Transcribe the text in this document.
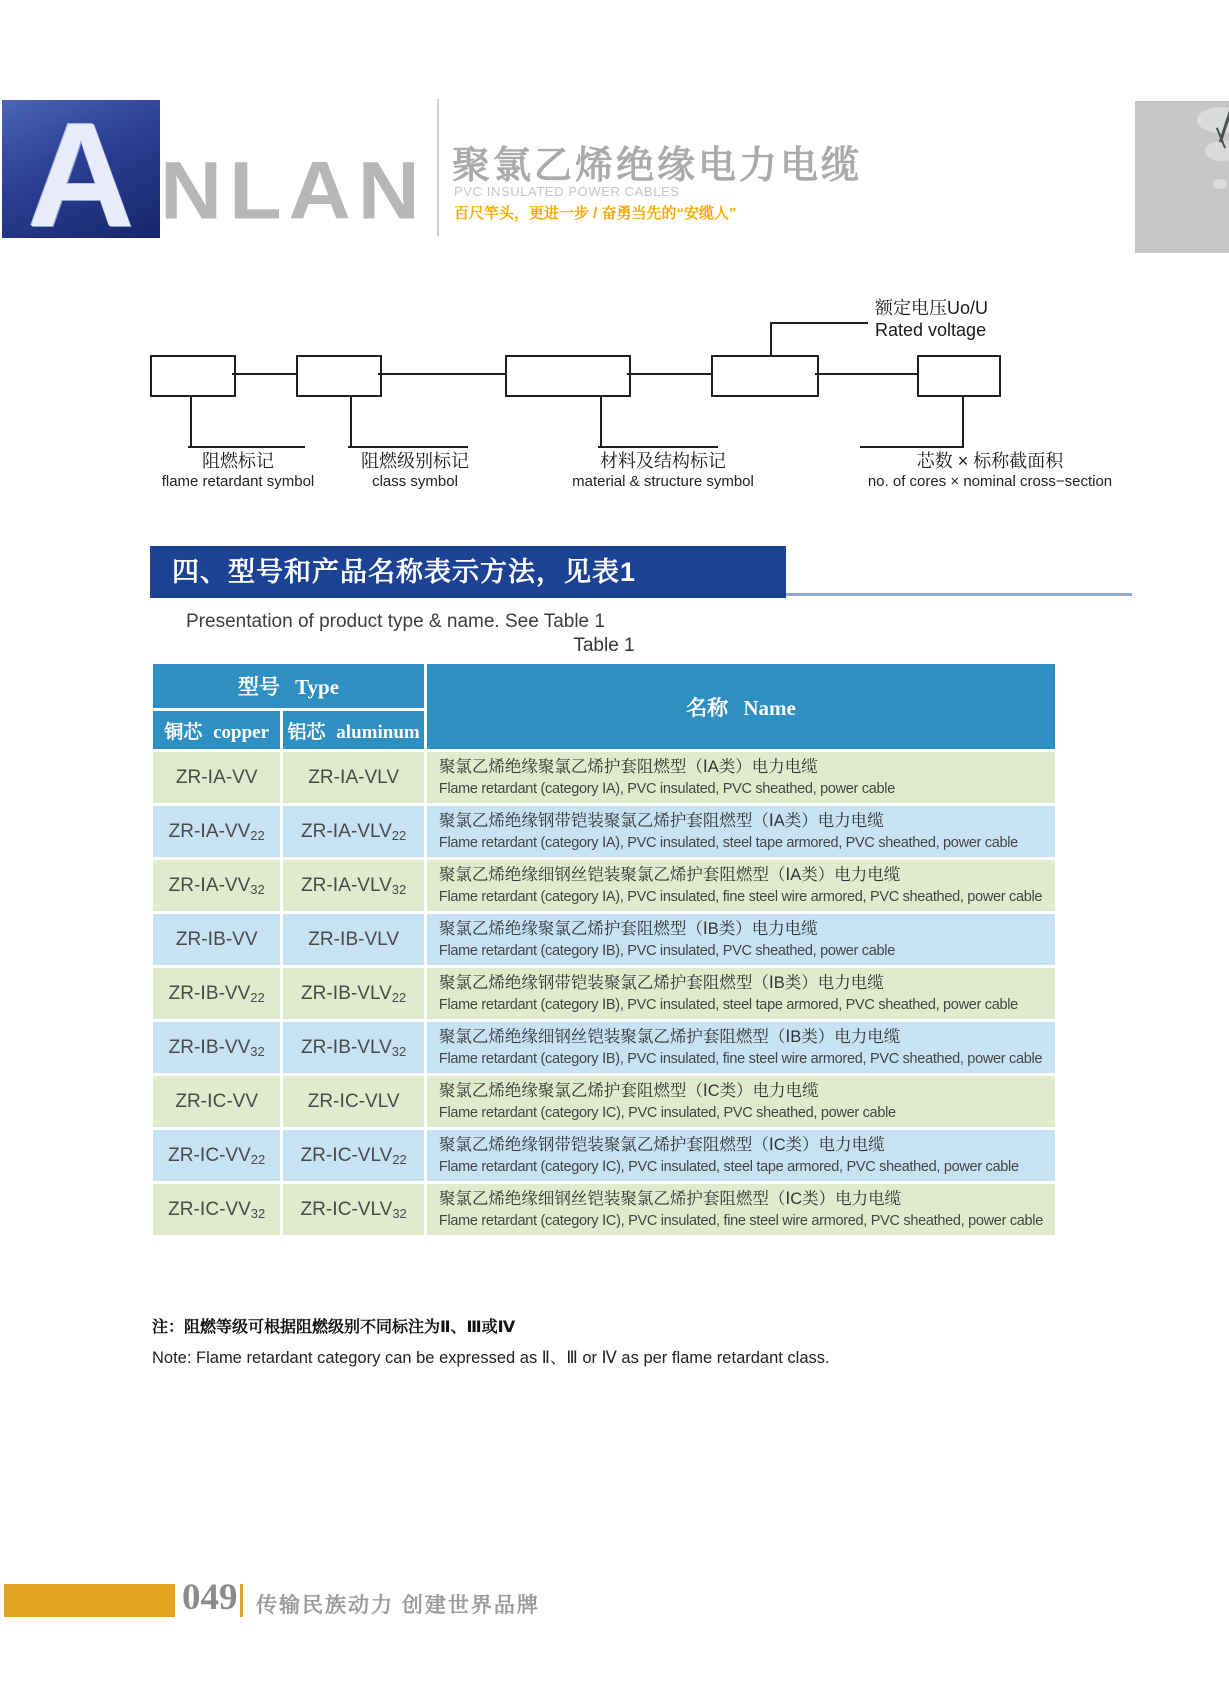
A NLAN 聚氯乙烯绝缘电力电缆
PVC INSULATED POWER CABLES
百尺竿头，更进一步 / 奋勇当先的“安缆人”
额定电压Uo/U
Rated voltage
阻燃标记
flame retardant symbol
阻燃级别标记
class symbol
材料及结构标记
material & structure symbol
芯数 × 标称截面积
no. of cores × nominal cross−section
四、型号和产品名称表示方法，见表1
Presentation of product type & name. See Table 1
Table 1
型号 Type		名称 Name
铜芯 copper	铝芯 aluminum	
ZR-ⅠA-VV	ZR-ⅠA-VLV	聚氯乙烯绝缘聚氯乙烯护套阻燃型（ⅠA类）电力电缆
Flame retardant (category ⅠA), PVC insulated, PVC sheathed, power cable

ZR-ⅠA-VV22	ZR-ⅠA-VLV22	聚氯乙烯绝缘钢带铠装聚氯乙烯护套阻燃型（ⅠA类）电力电缆
Flame retardant (category ⅠA), PVC insulated, steel tape armored, PVC sheathed, power cable

ZR-ⅠA-VV32	ZR-ⅠA-VLV32	聚氯乙烯绝缘细钢丝铠装聚氯乙烯护套阻燃型（ⅠA类）电力电缆
Flame retardant (category ⅠA), PVC insulated, fine steel wire armored, PVC sheathed, power cable

ZR-ⅠB-VV	ZR-ⅠB-VLV	聚氯乙烯绝缘聚氯乙烯护套阻燃型（ⅠB类）电力电缆
Flame retardant (category ⅠB), PVC insulated, PVC sheathed, power cable

ZR-ⅠB-VV22	ZR-ⅠB-VLV22	聚氯乙烯绝缘钢带铠装聚氯乙烯护套阻燃型（ⅠB类）电力电缆
Flame retardant (category ⅠB), PVC insulated, steel tape armored, PVC sheathed, power cable

ZR-ⅠB-VV32	ZR-ⅠB-VLV32	聚氯乙烯绝缘细钢丝铠装聚氯乙烯护套阻燃型（ⅠB类）电力电缆
Flame retardant (category ⅠB), PVC insulated, fine steel wire armored, PVC sheathed, power cable

ZR-ⅠC-VV	ZR-ⅠC-VLV	聚氯乙烯绝缘聚氯乙烯护套阻燃型（ⅠC类）电力电缆
Flame retardant (category ⅠC), PVC insulated, PVC sheathed, power cable

ZR-ⅠC-VV22	ZR-ⅠC-VLV22	聚氯乙烯绝缘钢带铠装聚氯乙烯护套阻燃型（ⅠC类）电力电缆
Flame retardant (category ⅠC), PVC insulated, steel tape armored, PVC sheathed, power cable

ZR-ⅠC-VV32	ZR-ⅠC-VLV32	聚氯乙烯绝缘细钢丝铠装聚氯乙烯护套阻燃型（ⅠC类）电力电缆
Flame retardant (category ⅠC), PVC insulated, fine steel wire armored, PVC sheathed, power cable
注：阻燃等级可根据阻燃级别不同标注为Ⅱ、Ⅲ或Ⅳ
Note: Flame retardant category can be expressed as Ⅱ、Ⅲ or Ⅳ as per flame retardant class.
049 传输民族动力 创建世界品牌
